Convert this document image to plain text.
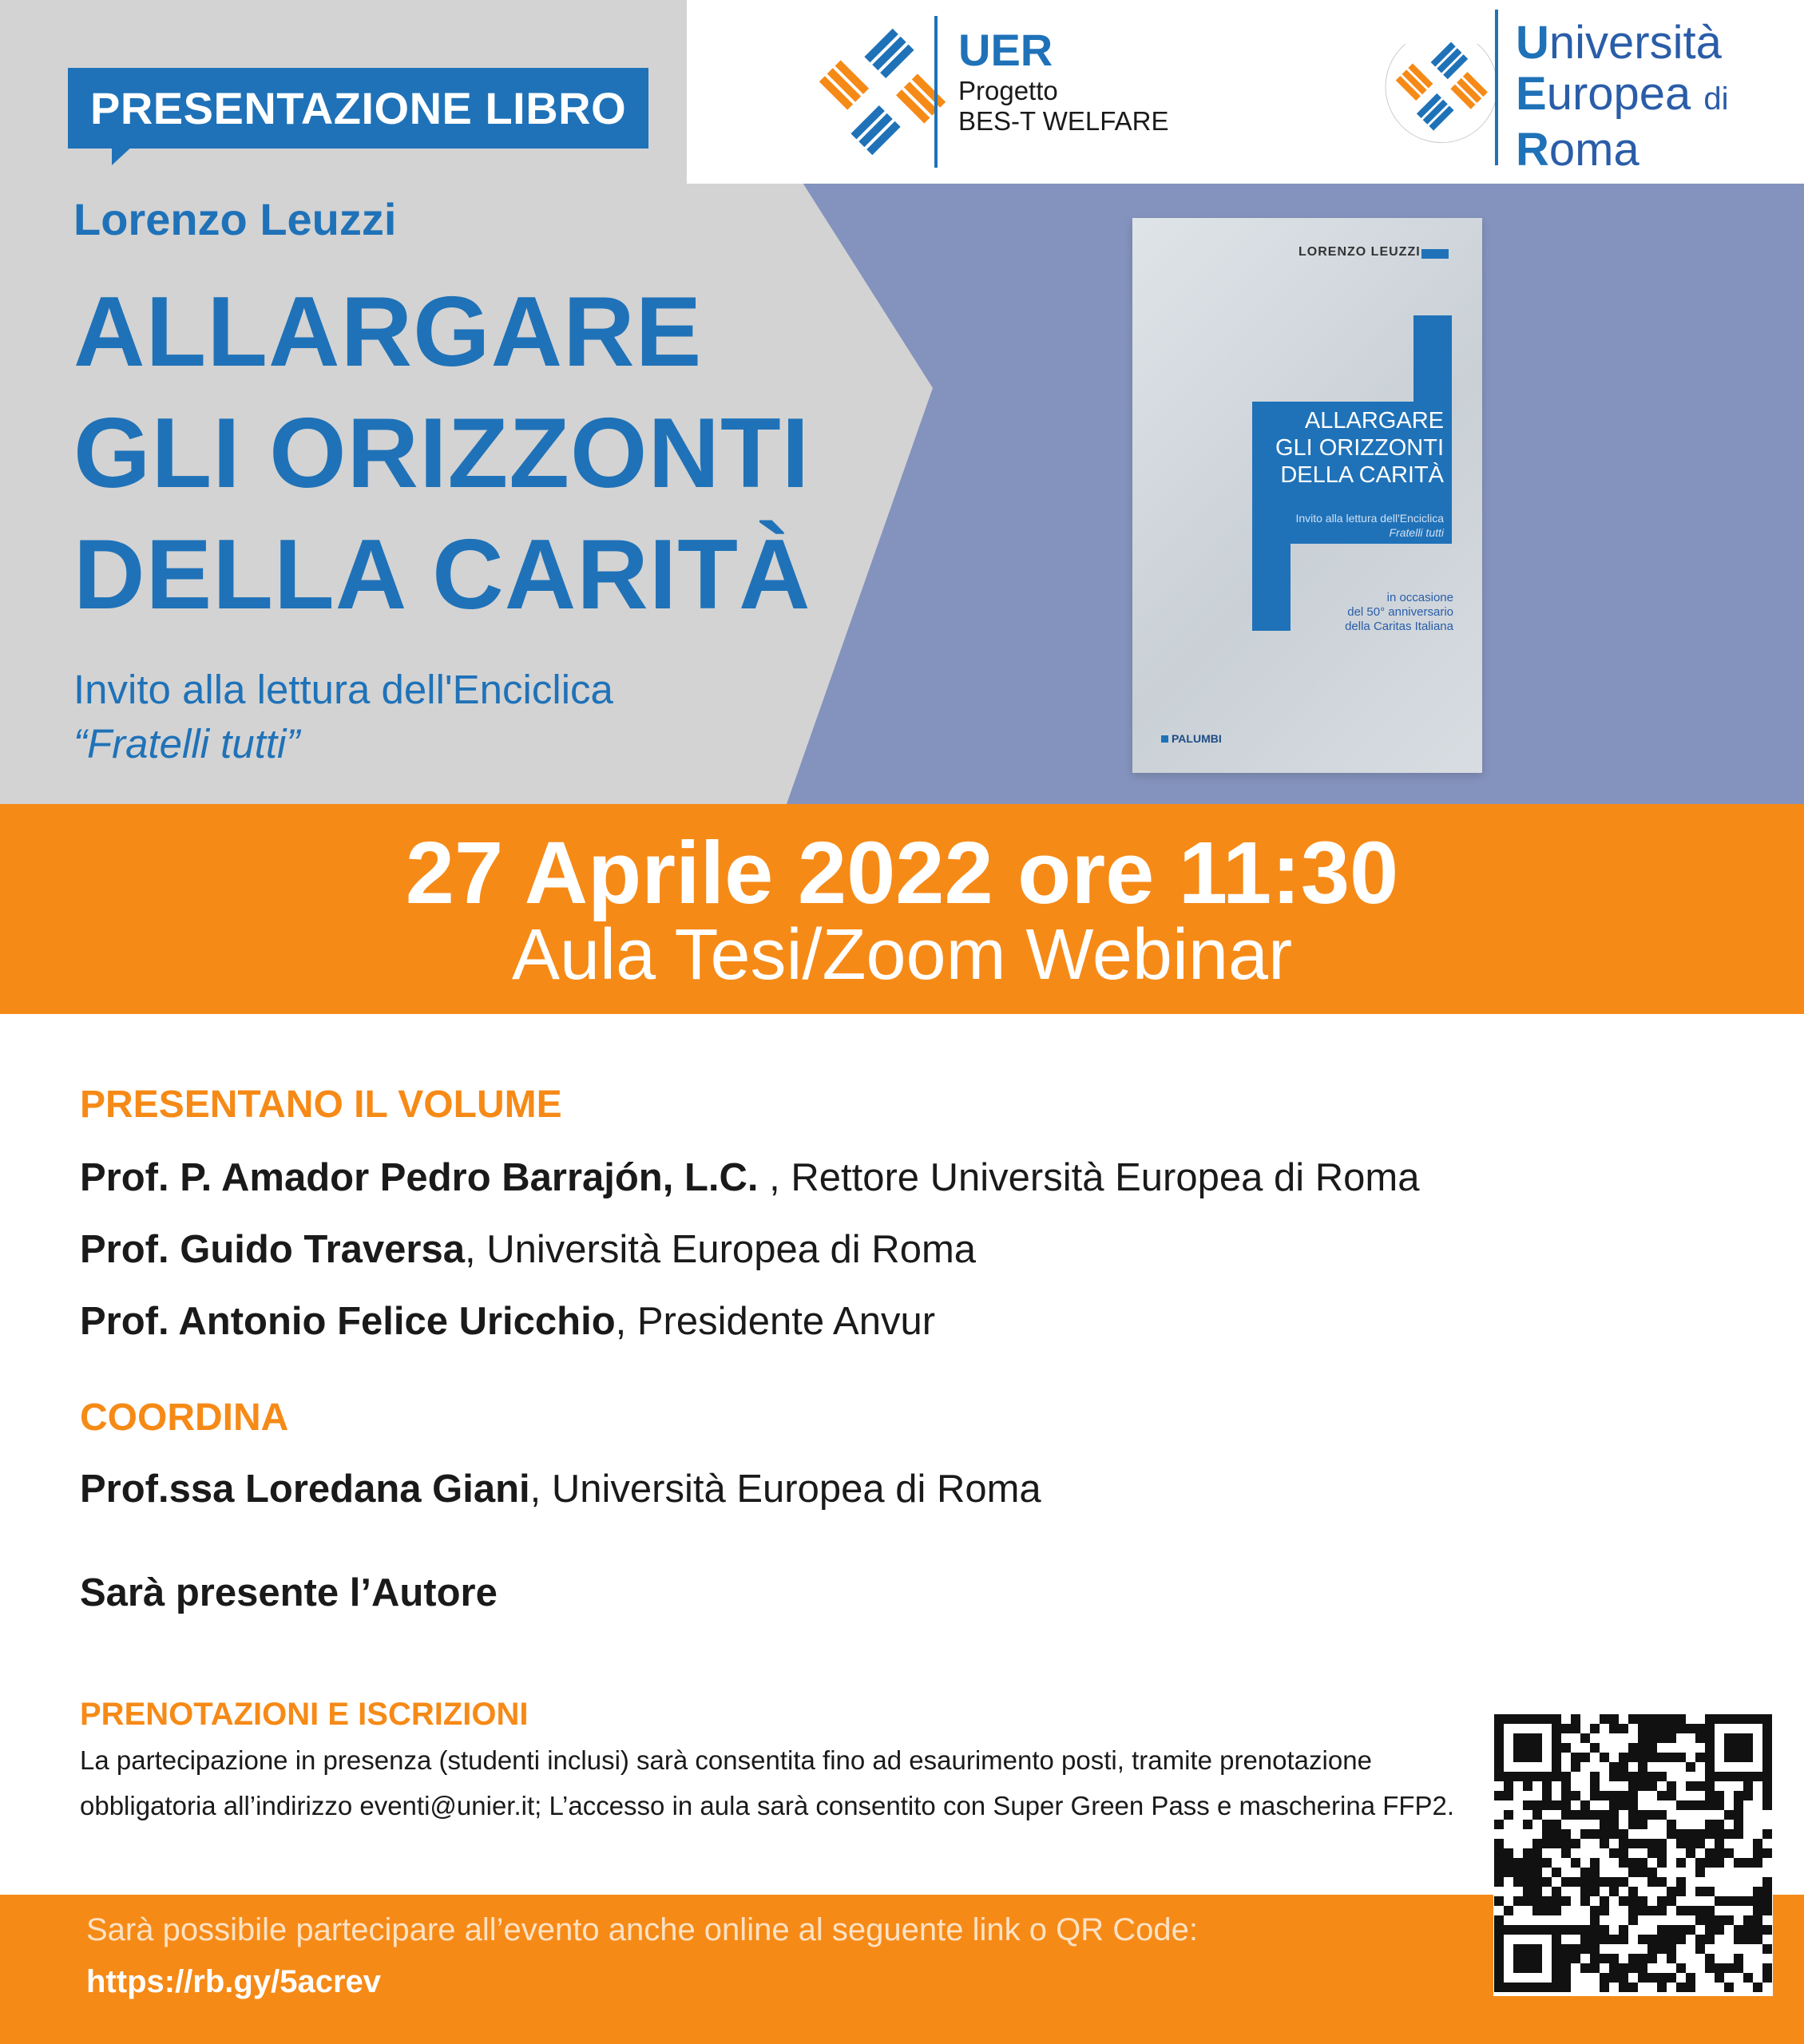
PRESENTAZIONE LIBRO
Lorenzo Leuzzi
ALLARGARE
GLI ORIZZONTI
DELLA CARITÀ
Invito alla lettura dell'Enciclica
“Fratelli tutti”
UER
Progetto
BES-T WELFARE
Università
Europea di
Roma
LORENZO LEUZZI
ALLARGARE
GLI ORIZZONTI
DELLA CARITÀ
Invito alla lettura dell'Enciclica
Fratelli tutti
in occasione
del 50° anniversario
della Caritas Italiana
PALUMBI
27 Aprile 2022 ore 11:30
Aula Tesi/Zoom Webinar
PRESENTANO IL VOLUME
Prof. P. Amador Pedro Barrajón, L.C. , Rettore Università Europea di Roma
Prof. Guido Traversa, Università Europea di Roma
Prof. Antonio Felice Uricchio, Presidente Anvur
COORDINA
Prof.ssa Loredana Giani, Università Europea di Roma
Sarà presente l’Autore
PRENOTAZIONI E ISCRIZIONI
La partecipazione in presenza (studenti inclusi) sarà consentita fino ad esaurimento posti, tramite prenotazione
obbligatoria all’indirizzo eventi@unier.it; L’accesso in aula sarà consentito con Super Green Pass e mascherina FFP2.
Sarà possibile partecipare all’evento anche online al seguente link o QR Code:
https://rb.gy/5acrev
